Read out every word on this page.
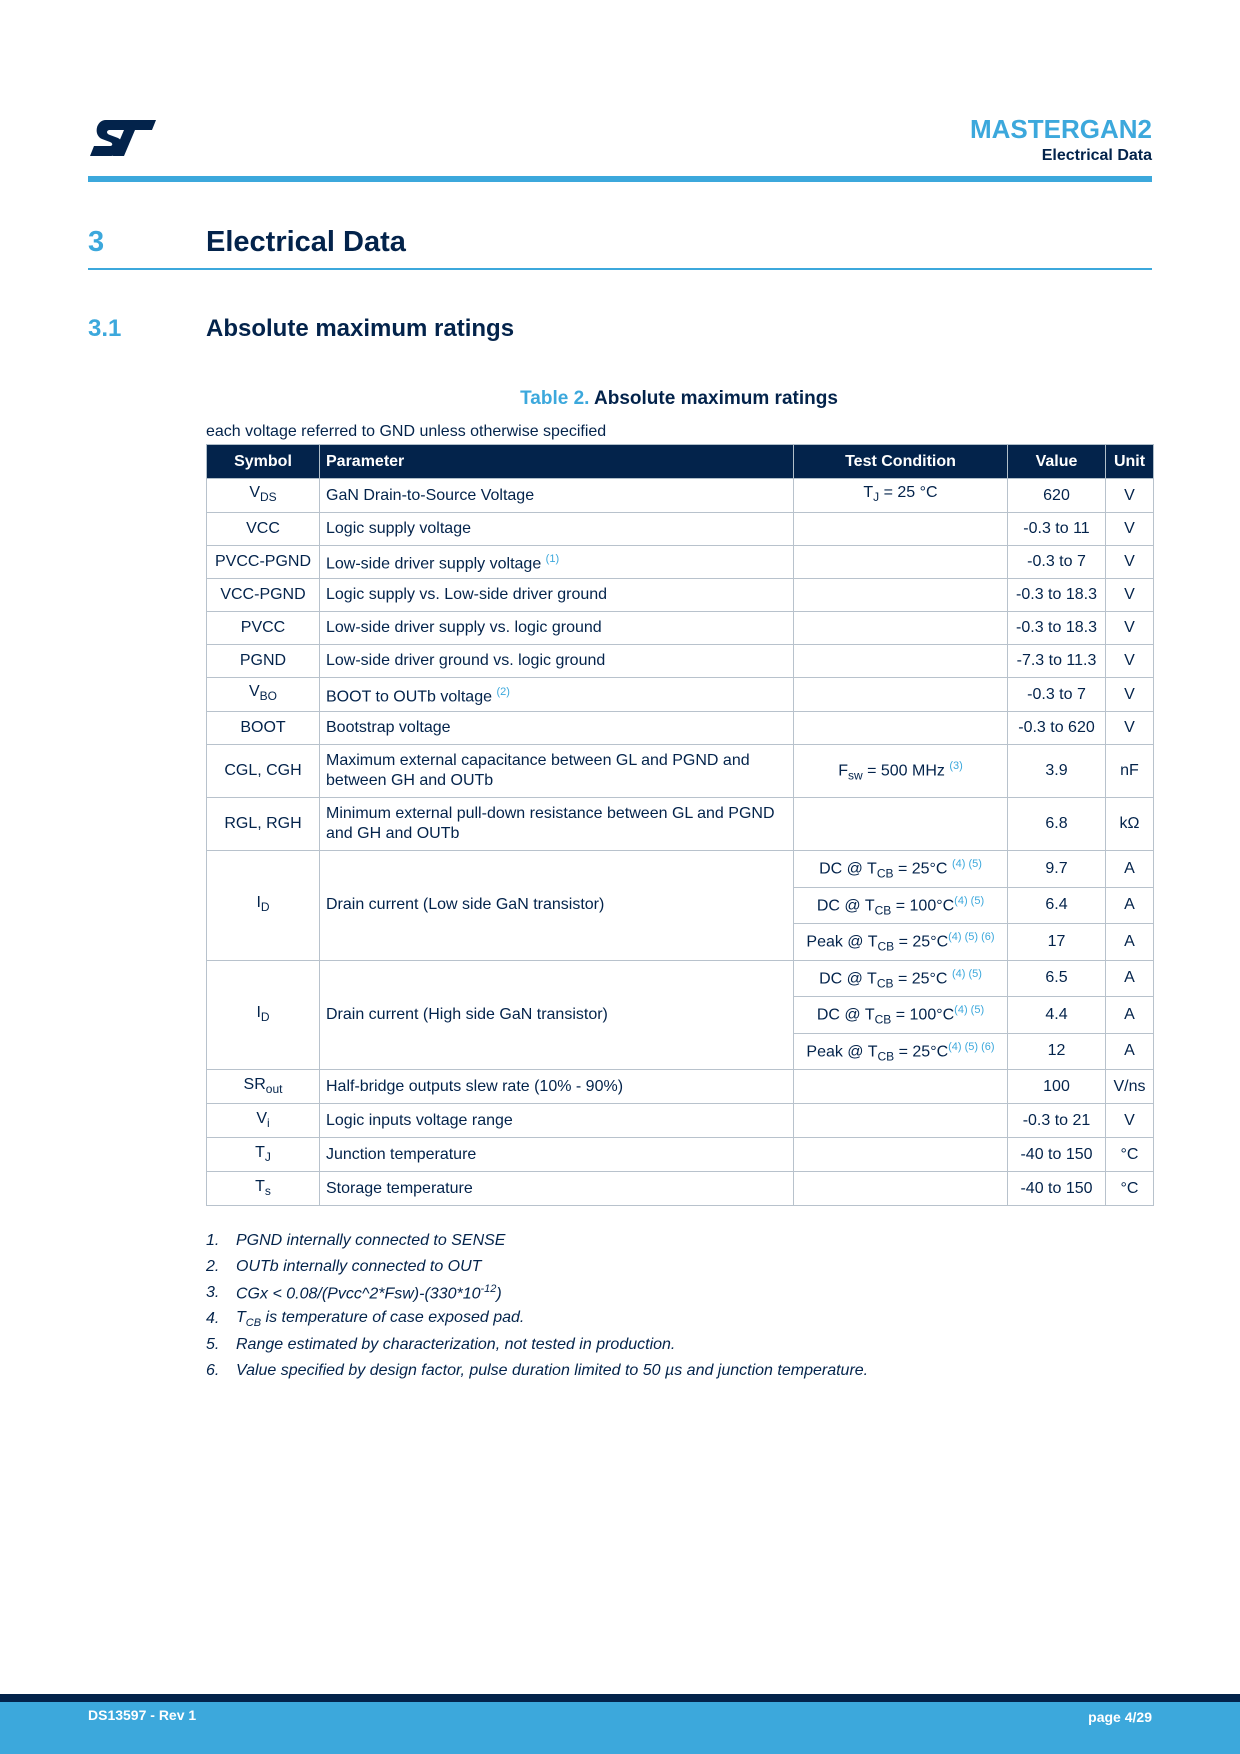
MASTERGAN2
Electrical Data
3	Electrical Data
3.1	Absolute maximum ratings
Table 2. Absolute maximum ratings
each voltage referred to GND unless otherwise specified
Symbol	Parameter	Test Condition	Value	Unit
$V_{DS}$	GaN Drain-to-Source Voltage	$T_J = 25$ °C	620	V
VCC	Logic supply voltage		-0.3 to 11	V
PVCC-PGND	Low-side driver supply voltage $^{(1)}$		-0.3 to 7	V
VCC-PGND	Logic supply vs. Low-side driver ground		-0.3 to 18.3	V
PVCC	Low-side driver supply vs. logic ground		-0.3 to 18.3	V
PGND	Low-side driver ground vs. logic ground		-7.3 to 11.3	V
$V_{BO}$	BOOT to OUTb voltage $^{(2)}$		-0.3 to 7	V
BOOT	Bootstrap voltage		-0.3 to 620	V
CGL, CGH	Maximum external capacitance between GL and PGND and between GH and OUTb	$F_{sw} = 500$ MHz $^{(3)}$	3.9	nF
RGL, RGH	Minimum external pull-down resistance between GL and PGND and GH and OUTb		6.8	kΩ
$I_D$	Drain current (Low side GaN transistor)	DC @ $T_{CB} = 25^\circ C$ $^{(4) (5)}$	9.7	A
		DC @ $T_{CB} = 100^\circ C^{(4) (5)}$	6.4	A
		Peak @ $T_{CB} = 25^\circ C^{(4) (5) (6)}$	17	A
$I_D$	Drain current (High side GaN transistor)	DC @ $T_{CB} = 25^\circ C$ $^{(4) (5)}$	6.5	A
		DC @ $T_{CB} = 100^\circ C^{(4) (5)}$	4.4	A
		Peak @ $T_{CB} = 25^\circ C^{(4) (5) (6)}$	12	A
$SR_{out}$	Half-bridge outputs slew rate (10% - 90%)		100	V/ns
$V_i$	Logic inputs voltage range		-0.3 to 21	V
$T_J$	Junction temperature		-40 to 150	°C
$T_s$	Storage temperature		-40 to 150	°C
1.	PGND internally connected to SENSE
2.	OUTb internally connected to OUT
3.	CGx < $0.08/(Pvcc\^{}2*Fsw)-(330*10^{-12})$
4.	$T_{CB}$ is temperature of case exposed pad.
5.	Range estimated by characterization, not tested in production.
6.	Value specified by design factor, pulse duration limited to 50 µs and junction temperature.
DS13597 - Rev 1	page 4/29
